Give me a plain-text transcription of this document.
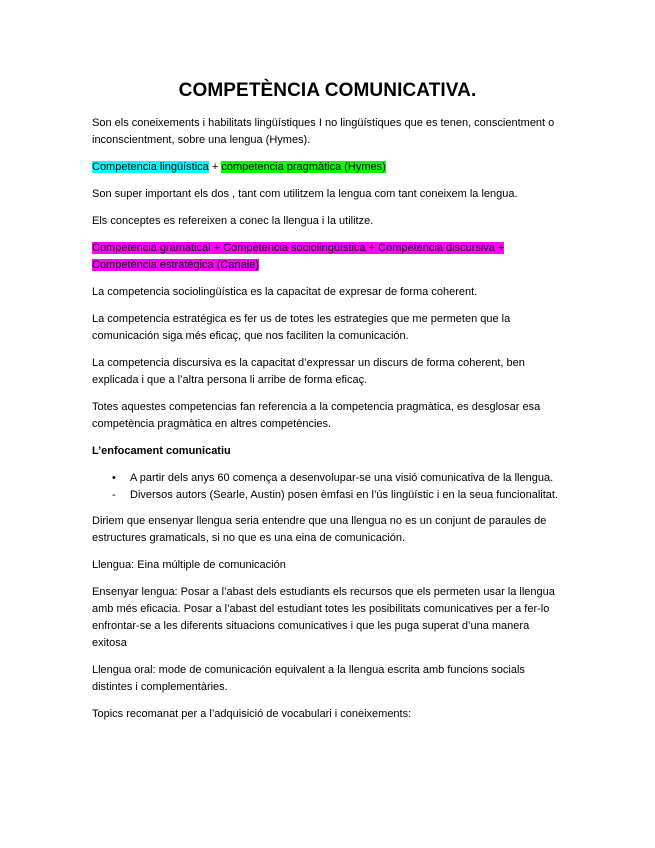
COMPETÈNCIA COMUNICATIVA.

Son els coneixements i habilitats lingüístiques I no lingüístiques que es tenen, conscientment o inconscientment, sobre una lengua (Hymes).

Competencia lingüística + competencia pragmàtica (Hymes)

Son super important els dos , tant com utilitzem la lengua com tant coneixem la lengua.

Els conceptes es refereixen a conec la llengua i la utilitze.

Competència gramatical + Competència sociolingüística + Competència discursiva + Competència estratègica (Canale)

La competencia sociolingüística es la capacitat de expresar de forma coherent.

La competencia estratégica es fer us de totes les estrategies que me permeten que la comunicación siga més eficaç, que nos faciliten la comunicación.

La competencia discursiva es la capacitat d’expressar un discurs de forma coherent, ben explicada i que a l’altra persona li arribe de forma eficaç.

Totes aquestes competencias fan referencia a la competencia pragmàtica, es desglosar esa competència pragmàtica en altres competències.

L’enfocament comunicatiu

•	A partir dels anys 60 comença a desenvolupar-se una visió comunicativa de la llengua.
-	Diversos autors (Searle, Austin) posen èmfasi en l’ús lingüístic i en la seua funcionalitat.

Diriem que ensenyar llengua seria entendre que una llengua no es un conjunt de paraules de estructures gramaticals, si no que es una eina de comunicación.

Llengua: Eina múltiple de comunicación

Ensenyar lengua: Posar a l’abast dels estudiants els recursos que els permeten usar la llengua amb més eficacia. Posar a l’abast del estudiant totes les posibilitats comunicatives per a fer-lo enfrontar-se a les diferents situacions comunicatives i que les puga superat d’una manera exitosa

Llengua oral: mode de comunicación equivalent a la llengua escrita amb funcions socials distintes i complementàries.

Topics recomanat per a l’adquisició de vocabulari i coneixements:
